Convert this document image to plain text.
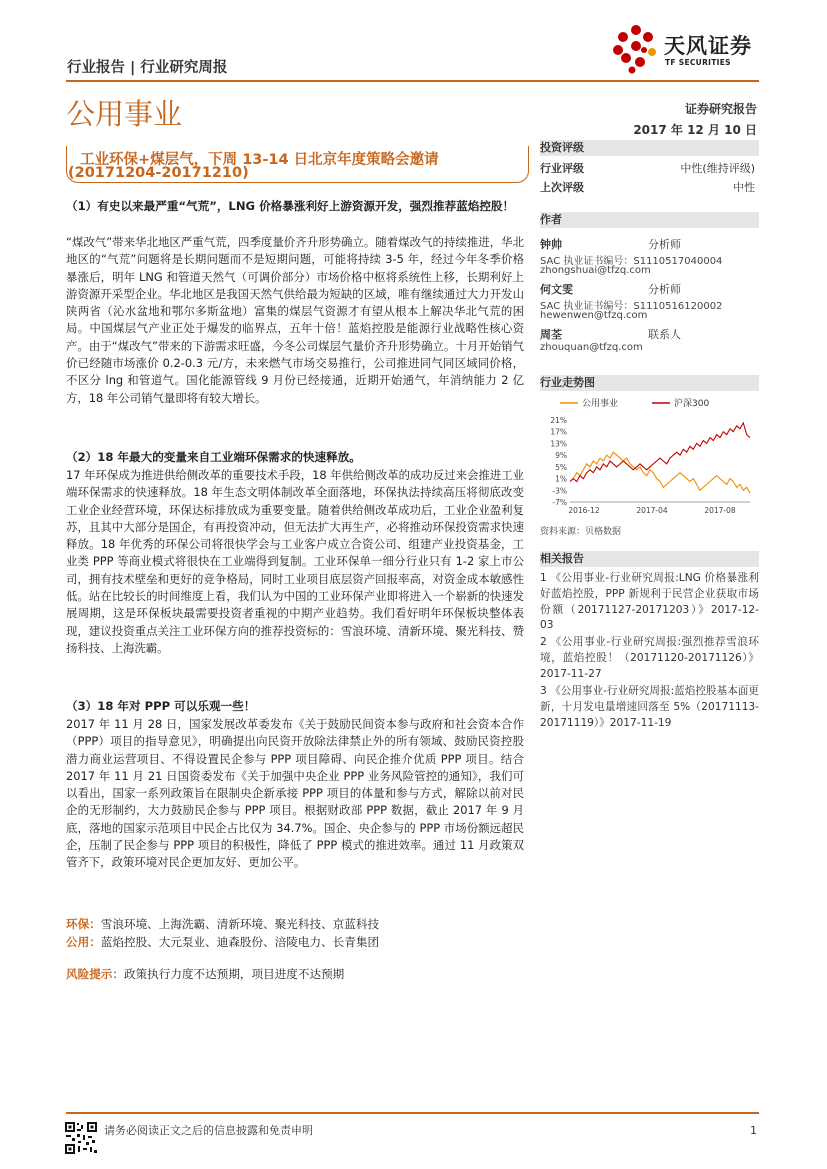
行业报告 | 行业研究周报
天风证券
TF SECURITIES
公用事业	证券研究报告
2017 年 12 月 10 日
工业环保+煤层气，下周 13-14 日北京年度策略会邀请
(20171204-20171210)
（1）有史以来最严重“气荒”，LNG 价格暴涨利好上游资源开发，强烈推荐蓝焰控股！
“煤改气”带来华北地区严重气荒，四季度量价齐升形势确立。随着煤改气的持续推进，华北地区的“气荒”问题将是长期问题而不是短期问题，可能将持续 3-5 年，经过今年冬季价格暴涨后，明年 LNG 和管道天然气（可调价部分）市场价格中枢将系统性上移，长期利好上游资源开采型企业。华北地区是我国天然气供给最为短缺的区域，唯有继续通过大力开发山陕两省（沁水盆地和鄂尔多斯盆地）富集的煤层气资源才有望从根本上解决华北气荒的困局。中国煤层气产业正处于爆发的临界点，五年十倍！蓝焰控股是能源行业战略性核心资产。由于“煤改气”带来的下游需求旺盛，今冬公司煤层气量价齐升形势确立。十月开始销气价已经随市场涨价 0.2-0.3 元/方，未来燃气市场交易推行，公司推进同气同区域同价格，不区分 lng 和管道气。国化能源管线 9 月份已经接通，近期开始通气，年消纳能力 2 亿方，18 年公司销气量即将有较大增长。
（2）18 年最大的变量来自工业端环保需求的快速释放。
17 年环保成为推进供给侧改革的重要技术手段，18 年供给侧改革的成功反过来会推进工业端环保需求的快速释放。18 年生态文明体制改革全面落地，环保执法持续高压将彻底改变工业企业经营环境，环保达标排放成为重要变量。随着供给侧改革成功后，工业企业盈利复苏，且其中大部分是国企，有再投资冲动，但无法扩大再生产，必将推动环保投资需求快速释放。18 年优秀的环保公司将很快学会与工业客户成立合资公司、组建产业投资基金，工业类 PPP 等商业模式将很快在工业端得到复制。工业环保单一细分行业只有 1-2 家上市公司，拥有技术壁垒和更好的竞争格局，同时工业项目底层资产回报率高，对资金成本敏感性低。站在比较长的时间维度上看，我们认为中国的工业环保产业即将进入一个崭新的快速发展周期，这是环保板块最需要投资者重视的中期产业趋势。我们看好明年环保板块整体表现，建议投资重点关注工业环保方向的推荐投资标的：雪浪环境、清新环境、聚光科技、赞扬科技、上海洗霸。
（3）18 年对 PPP 可以乐观一些！
2017 年 11 月 28 日，国家发展改革委发布《关于鼓励民间资本参与政府和社会资本合作（PPP）项目的指导意见》，明确提出向民资开放除法律禁止外的所有领域、鼓励民资控股潜力商业运营项目、不得设置民企参与 PPP 项目障碍、向民企推介优质 PPP 项目。结合 2017 年 11 月 21 日国资委发布《关于加强中央企业 PPP 业务风险管控的通知》，我们可以看出，国家一系列政策旨在限制央企新承接 PPP 项目的体量和参与方式，解除以前对民企的无形制约，大力鼓励民企参与 PPP 项目。根据财政部 PPP 数据，截止 2017 年 9 月底，落地的国家示范项目中民企占比仅为 34.7%。国企、央企参与的 PPP 市场份额远超民企，压制了民企参与 PPP 项目的积极性，降低了 PPP 模式的推进效率。通过 11 月政策双管齐下，政策环境对民企更加友好、更加公平。
环保：雪浪环境、上海洗霸、清新环境、聚光科技、京蓝科技
公用：蓝焰控股、大元泵业、迪森股份、涪陵电力、长青集团
风险提示：政策执行力度不达预期，项目进度不达预期
投资评级
行业评级	中性(维持评级)
上次评级	中性
作者
钟帅	分析师
SAC 执业证书编号：S1110517040004
zhongshuai@tfzq.com
何文雯	分析师
SAC 执业证书编号：S1110516120002
hewenwen@tfzq.com
周荃	联系人
zhouquan@tfzq.com
行业走势图
公用事业	沪深300
21%
17%
13%
9%
5%
1%
-3%
-7%
2016-12	2017-04	2017-08
资料来源：贝格数据
相关报告
1 《公用事业-行业研究周报:LNG 价格暴涨利好蓝焰控股，PPP 新规利于民营企业获取市场份额（20171127-20171203）》2017-12-03
2 《公用事业-行业研究周报:强烈推荐雪浪环境，蓝焰控股！（20171120-20171126）》2017-11-27
3 《公用事业-行业研究周报:蓝焰控股基本面更新，十月发电量增速回落至 5%（20171113-20171119）》2017-11-19
请务必阅读正文之后的信息披露和免责申明	1
